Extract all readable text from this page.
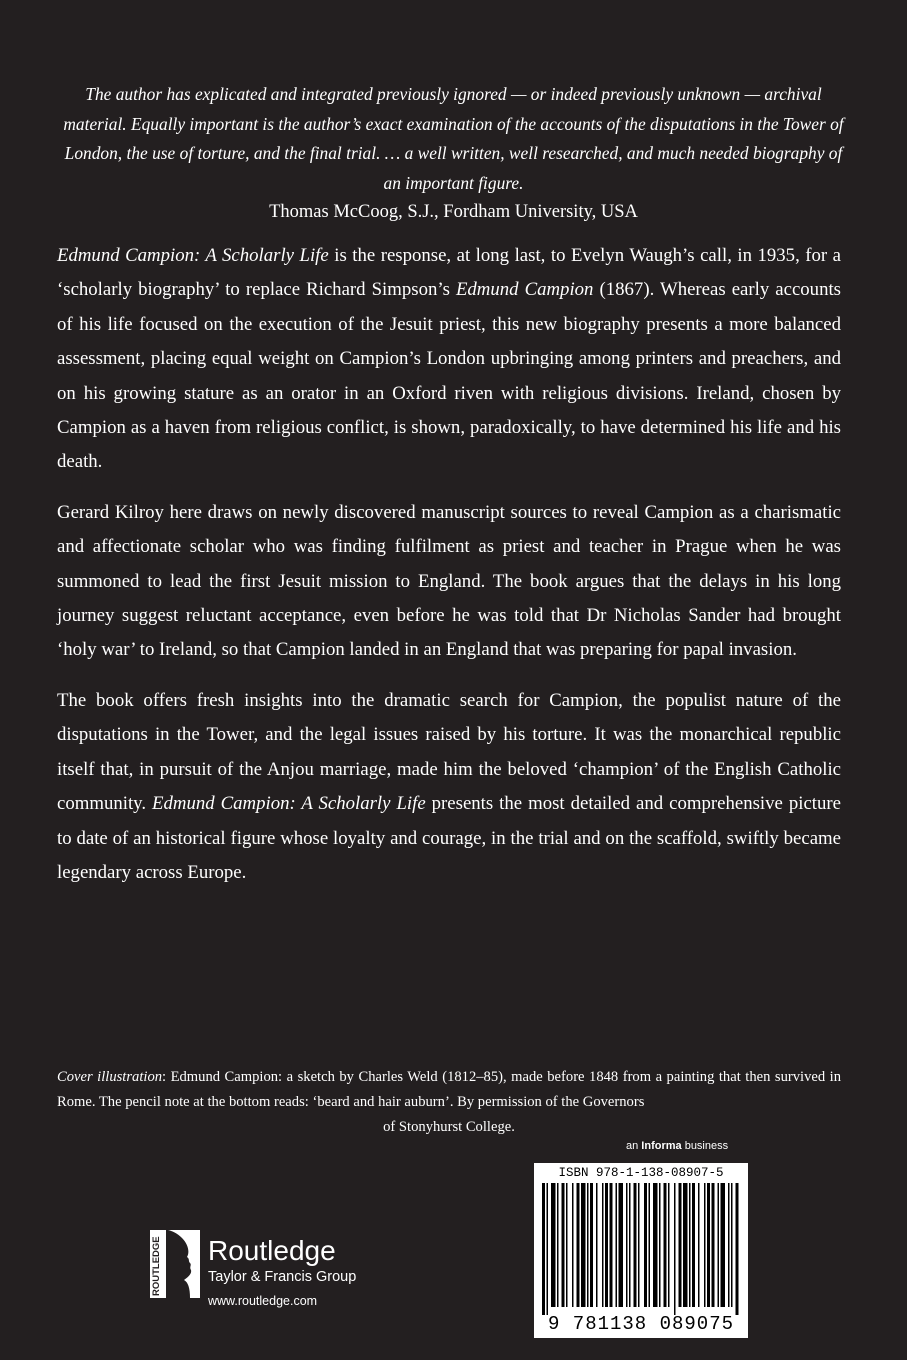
The author has explicated and integrated previously ignored — or indeed previously unknown — archival material. Equally important is the author’s exact examination of the accounts of the disputations in the Tower of London, the use of torture, and the final trial. … a well written, well researched, and much needed biography of an important figure.
Thomas McCoog, S.J., Fordham University, USA

Edmund Campion: A Scholarly Life is the response, at long last, to Evelyn Waugh’s call, in 1935, for a ‘scholarly biography’ to replace Richard Simpson’s Edmund Campion (1867). Whereas early accounts of his life focused on the execution of the Jesuit priest, this new biography presents a more balanced assessment, placing equal weight on Campion’s London upbringing among printers and preachers, and on his growing stature as an orator in an Oxford riven with religious divisions. Ireland, chosen by Campion as a haven from religious conflict, is shown, paradoxically, to have determined his life and his death.

Gerard Kilroy here draws on newly discovered manuscript sources to reveal Campion as a charismatic and affectionate scholar who was finding fulfilment as priest and teacher in Prague when he was summoned to lead the first Jesuit mission to England. The book argues that the delays in his long journey suggest reluctant acceptance, even before he was told that Dr Nicholas Sander had brought ‘holy war’ to Ireland, so that Campion landed in an England that was preparing for papal invasion.

The book offers fresh insights into the dramatic search for Campion, the populist nature of the disputations in the Tower, and the legal issues raised by his torture. It was the monarchical republic itself that, in pursuit of the Anjou marriage, made him the beloved ‘champion’ of the English Catholic community. Edmund Campion: A Scholarly Life presents the most detailed and comprehensive picture to date of an historical figure whose loyalty and courage, in the trial and on the scaffold, swiftly became legendary across Europe.

Cover illustration: Edmund Campion: a sketch by Charles Weld (1812–85), made before 1848 from a painting that then survived in Rome. The pencil note at the bottom reads: ‘beard and hair auburn’. By permission of the Governors
of Stonyhurst College.
an Informa business
ISBN 978-1-138-08907-5
9 781138 089075
ROUTLEDGE Routledge
Taylor & Francis Group
www.routledge.com
